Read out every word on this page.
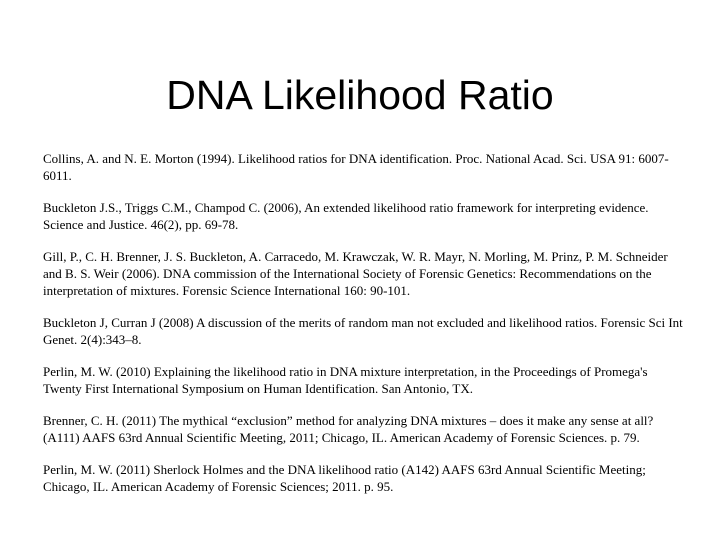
DNA Likelihood Ratio
Collins, A. and N. E. Morton (1994). Likelihood ratios for DNA identification. Proc. National Acad. Sci. USA 91: 6007-6011.
Buckleton J.S., Triggs C.M., Champod C. (2006), An extended likelihood ratio framework for interpreting evidence. Science and Justice. 46(2), pp. 69-78.
Gill, P., C. H. Brenner, J. S. Buckleton, A. Carracedo, M. Krawczak, W. R. Mayr, N. Morling, M. Prinz, P. M. Schneider and B. S. Weir (2006). DNA commission of the International Society of Forensic Genetics: Recommendations on the interpretation of mixtures. Forensic Science International 160: 90-101.
Buckleton J, Curran J (2008) A discussion of the merits of random man not excluded and likelihood ratios. Forensic Sci Int Genet. 2(4):343–8.
Perlin, M. W. (2010) Explaining the likelihood ratio in DNA mixture interpretation, in the Proceedings of Promega's Twenty First International Symposium on Human Identification. San Antonio, TX.
Brenner, C. H. (2011) The mythical “exclusion” method for analyzing DNA mixtures – does it make any sense at all? (A111) AAFS 63rd Annual Scientific Meeting, 2011; Chicago, IL. American Academy of Forensic Sciences. p. 79.
Perlin, M. W. (2011) Sherlock Holmes and the DNA likelihood ratio (A142) AAFS 63rd Annual Scientific Meeting; Chicago, IL. American Academy of Forensic Sciences; 2011. p. 95.
